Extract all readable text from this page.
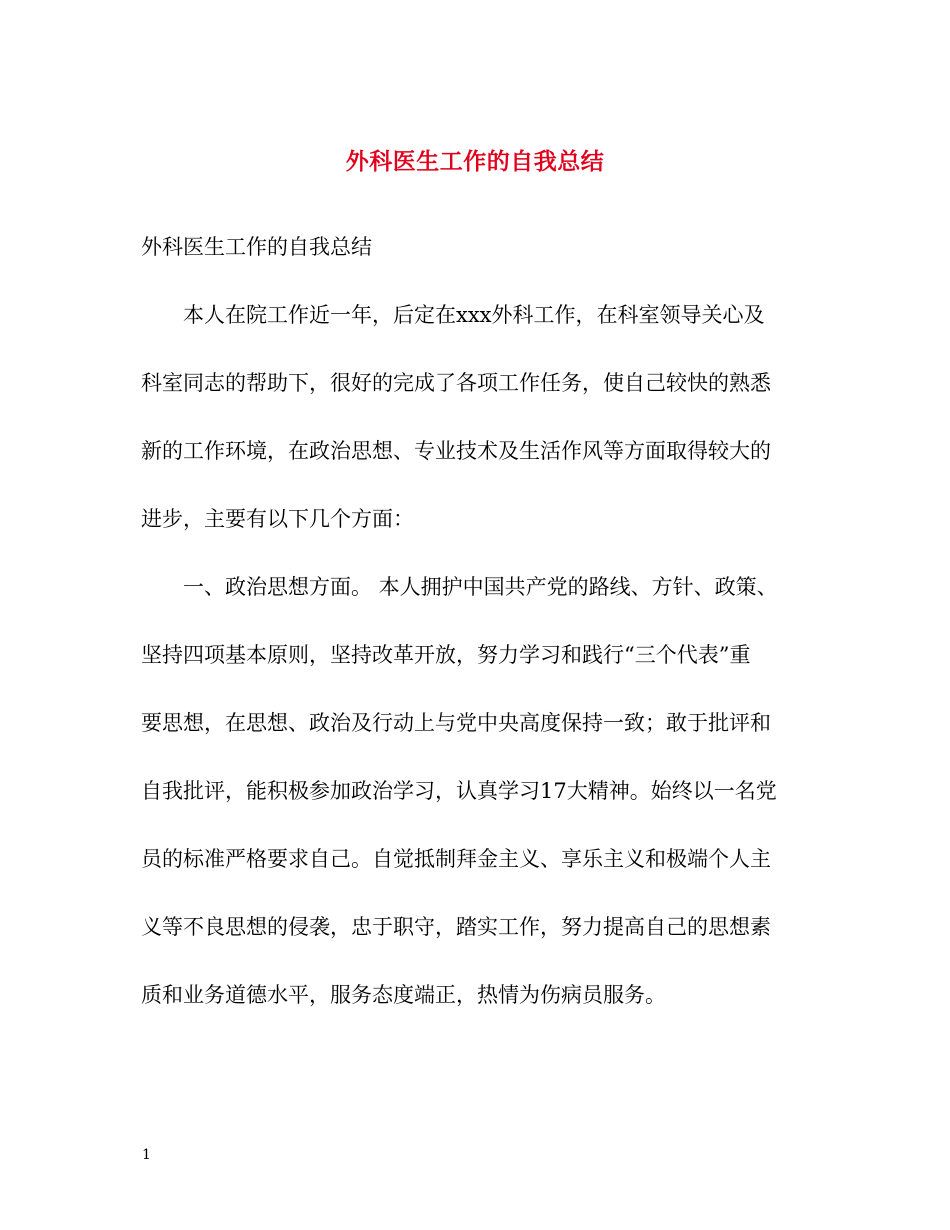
外科医生工作的自我总结
外科医生工作的自我总结
　　本人在院工作近一年，后定在xxx外科工作，在科室领导关心及
科室同志的帮助下，很好的完成了各项工作任务，使自己较快的熟悉
新的工作环境，在政治思想、专业技术及生活作风等方面取得较大的
进步，主要有以下几个方面：
　　一、政治思想方面。 本人拥护中国共产党的路线、方针、政策、
坚持四项基本原则，坚持改革开放，努力学习和践行“三个代表”重
要思想，在思想、政治及行动上与党中央高度保持一致；敢于批评和
自我批评，能积极参加政治学习，认真学习17大精神。始终以一名党
员的标准严格要求自己。自觉抵制拜金主义、享乐主义和极端个人主
义等不良思想的侵袭，忠于职守，踏实工作，努力提高自己的思想素
质和业务道德水平，服务态度端正，热情为伤病员服务。
1
